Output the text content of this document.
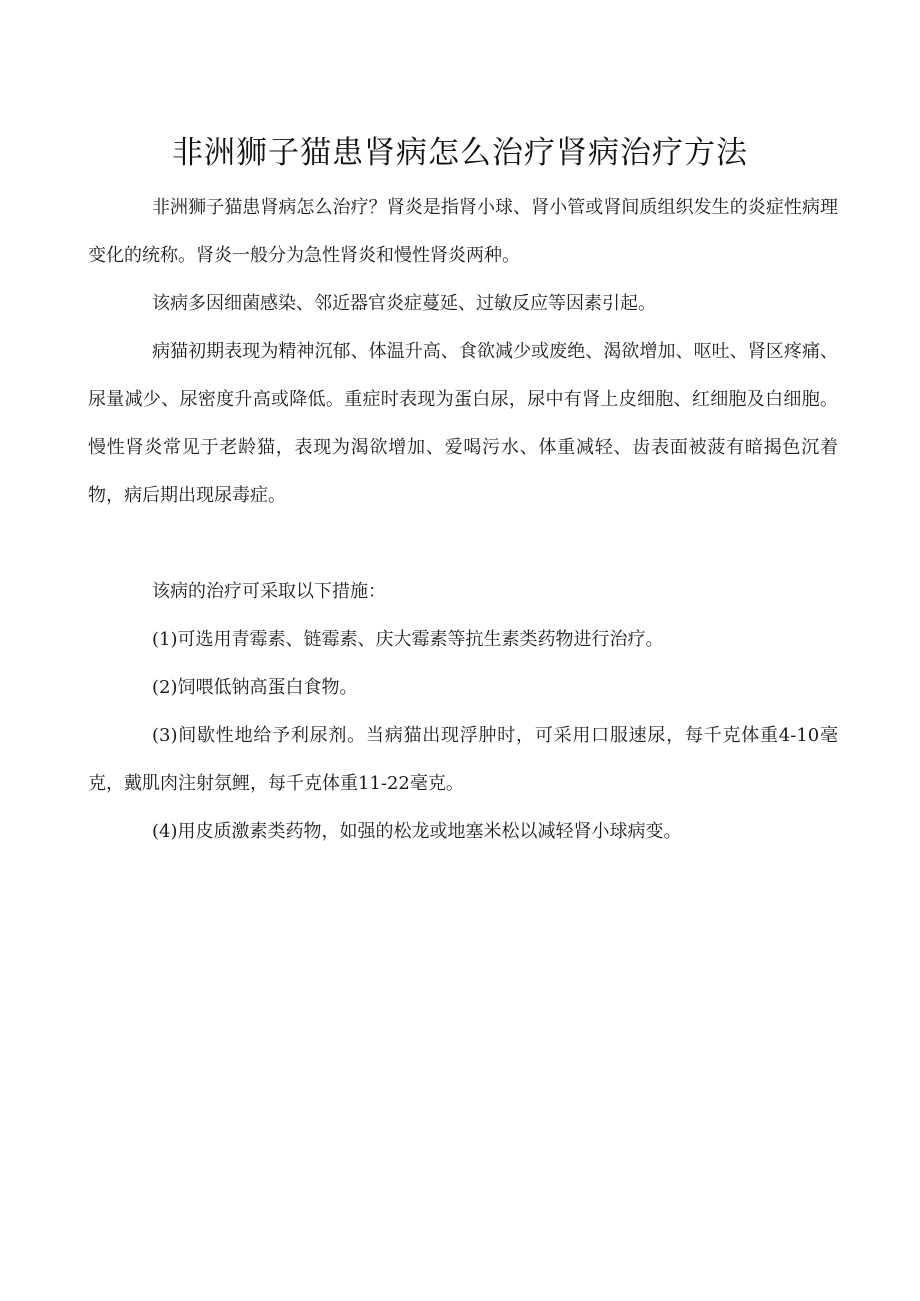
非洲狮子猫患肾病怎么治疗肾病治疗方法

非洲狮子猫患肾病怎么治疗？肾炎是指肾小球、肾小管或肾间质组织发生的炎症性病理变化的统称。肾炎一般分为急性肾炎和慢性肾炎两种。

该病多因细菌感染、邻近器官炎症蔓延、过敏反应等因素引起。

病猫初期表现为精神沉郁、体温升高、食欲减少或废绝、渴欲增加、呕吐、肾区疼痛、尿量减少、尿密度升高或降低。重症时表现为蛋白尿，尿中有肾上皮细胞、红细胞及白细胞。慢性肾炎常见于老龄猫，表现为渴欲增加、爱喝污水、体重减轻、齿表面被菠有暗揭色沉着物，病后期出现尿毒症。

该病的治疗可采取以下措施：

(1)可选用青霉素、链霉素、庆大霉素等抗生素类药物进行治疗。

(2)饲喂低钠高蛋白食物。

(3)间歇性地给予利尿剂。当病猫出现浮肿时，可采用口服速尿，每千克体重4-10毫克，戴肌肉注射氛鲤，每千克体重11-22毫克。

(4)用皮质激素类药物，如强的松龙或地塞米松以减轻肾小球病变。
